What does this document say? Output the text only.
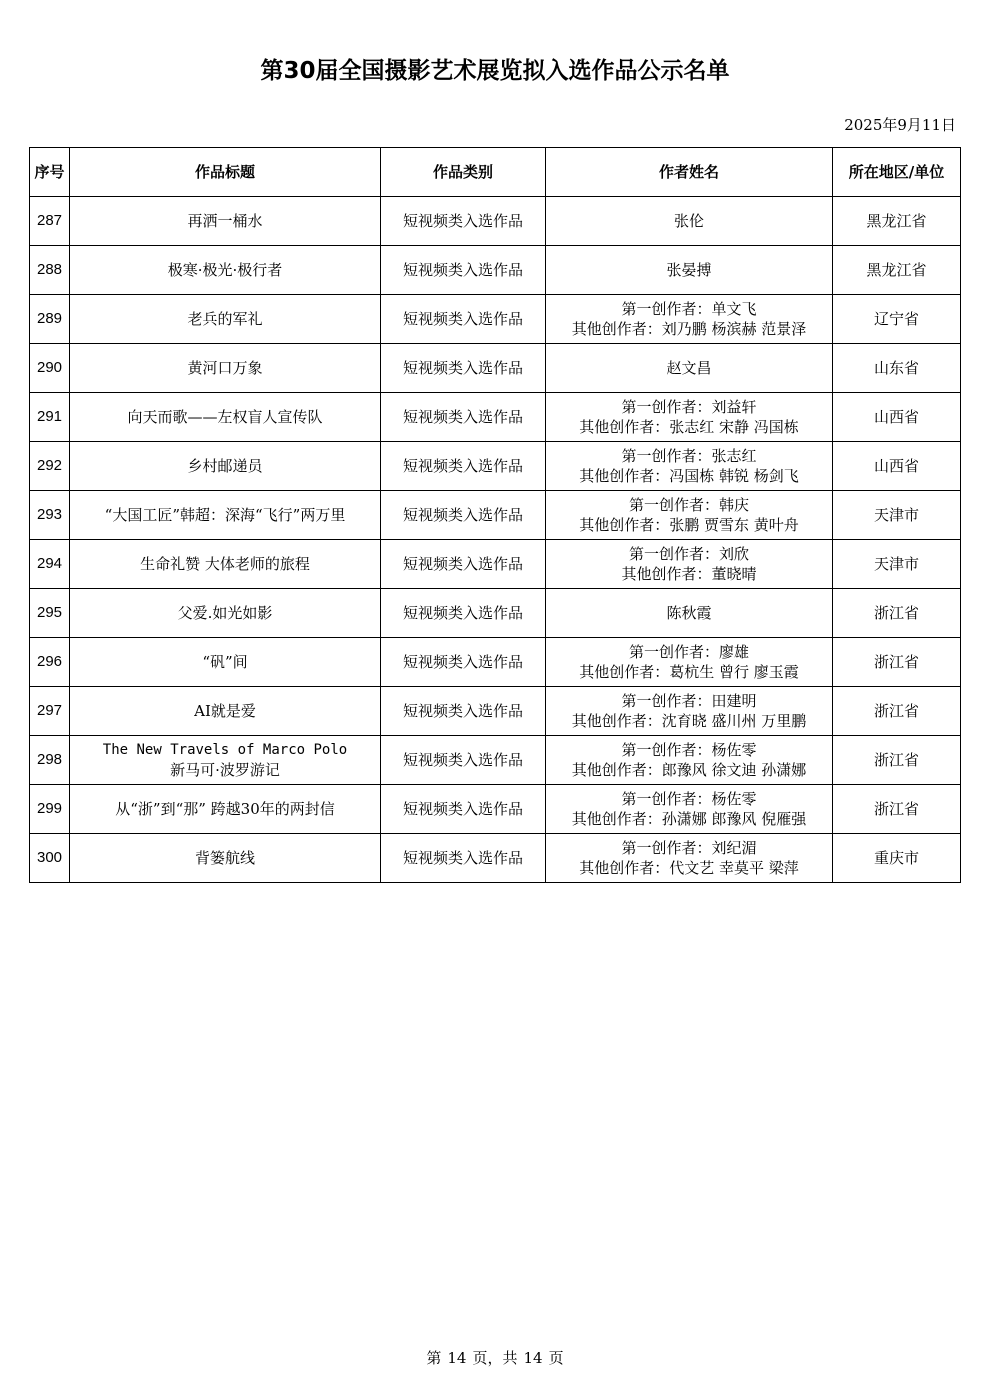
第30届全国摄影艺术展览拟入选作品公示名单
2025年9月11日
序号	作品标题	作品类别	作者姓名	所在地区/单位
287	再洒一桶水	短视频类入选作品	张伦	黑龙江省
288	极寒·极光·极行者	短视频类入选作品	张晏搏	黑龙江省
289	老兵的军礼	短视频类入选作品	第一创作者：单文飞
其他创作者：刘乃鹏 杨滨赫 范景泽	辽宁省
290	黄河口万象	短视频类入选作品	赵文昌	山东省
291	向天而歌——左权盲人宣传队	短视频类入选作品	第一创作者：刘益轩
其他创作者：张志红 宋静 冯国栋	山西省
292	乡村邮递员	短视频类入选作品	第一创作者：张志红
其他创作者：冯国栋 韩锐 杨剑飞	山西省
293	“大国工匠”韩超：深海“飞行”两万里	短视频类入选作品	第一创作者：韩庆
其他创作者：张鹏 贾雪东 黄叶舟	天津市
294	生命礼赞 大体老师的旅程	短视频类入选作品	第一创作者：刘欣
其他创作者：董晓晴	天津市
295	父爱.如光如影	短视频类入选作品	陈秋霞	浙江省
296	“矾”间	短视频类入选作品	第一创作者：廖雄
其他创作者：葛杭生 曾行 廖玉霞	浙江省
297	AI就是爱	短视频类入选作品	第一创作者：田建明
其他创作者：沈育晓 盛川州 万里鹏	浙江省
298	The New Travels of Marco Polo
新马可·波罗游记	短视频类入选作品	第一创作者：杨佐零
其他创作者：郎豫风 徐文迪 孙潇娜	浙江省
299	从“浙”到“那” 跨越30年的两封信	短视频类入选作品	第一创作者：杨佐零
其他创作者：孙潇娜 郎豫风 倪雁强	浙江省
300	背篓航线	短视频类入选作品	第一创作者：刘纪湄
其他创作者：代文艺 幸莫平 梁萍	重庆市
第 14 页，共 14 页
